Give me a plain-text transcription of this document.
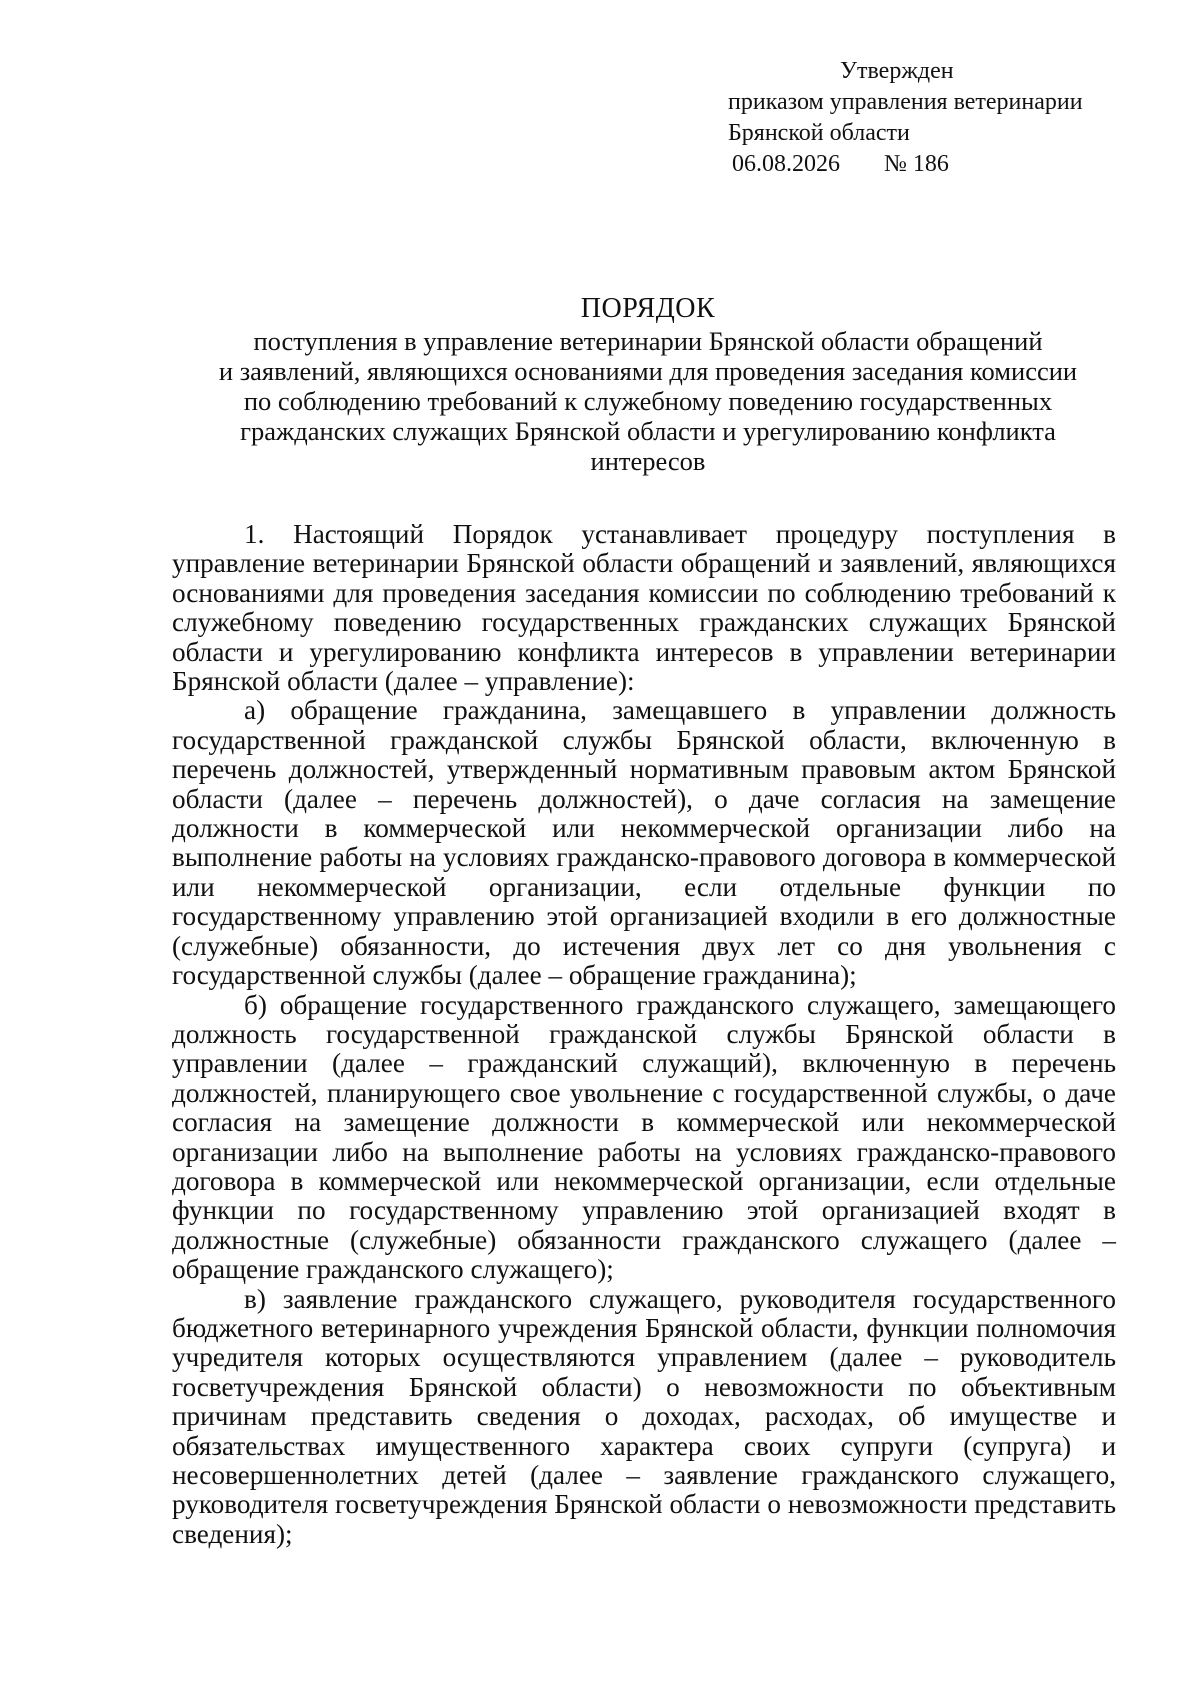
Утвержден
приказом управления ветеринарии
Брянской области
06.08.2026 № 186
ПОРЯДОК
поступления в управление ветеринарии Брянской области обращений
и заявлений, являющихся основаниями для проведения заседания комиссии
по соблюдению требований к служебному поведению государственных
гражданских служащих Брянской области и урегулированию конфликта
интересов

1. Настоящий Порядок устанавливает процедуру поступления в управление ветеринарии Брянской области обращений и заявлений, являющихся основаниями для проведения заседания комиссии по соблюдению требований к служебному поведению государственных гражданских служащих Брянской области и урегулированию конфликта интересов в управлении ветеринарии Брянской области (далее – управление):

а) обращение гражданина, замещавшего в управлении должность государственной гражданской службы Брянской области, включенную в перечень должностей, утвержденный нормативным правовым актом Брянской области (далее – перечень должностей), о даче согласия на замещение должности в коммерческой или некоммерческой организации либо на выполнение работы на условиях гражданско-правового договора в коммерческой или некоммерческой организации, если отдельные функции по государственному управлению этой организацией входили в его должностные (служебные) обязанности, до истечения двух лет со дня увольнения с государственной службы (далее – обращение гражданина);

б) обращение государственного гражданского служащего, замещающего должность государственной гражданской службы Брянской области в управлении (далее – гражданский служащий), включенную в перечень должностей, планирующего свое увольнение с государственной службы, о даче согласия на замещение должности в коммерческой или некоммерческой организации либо на выполнение работы на условиях гражданско-правового договора в коммерческой или некоммерческой организации, если отдельные функции по государственному управлению этой организацией входят в должностные (служебные) обязанности гражданского служащего (далее – обращение гражданского служащего);

в) заявление гражданского служащего, руководителя государственного бюджетного ветеринарного учреждения Брянской области, функции полномочия учредителя которых осуществляются управлением (далее – руководитель госветучреждения Брянской области) о невозможности по объективным причинам представить сведения о доходах, расходах, об имуществе и обязательствах имущественного характера своих супруги (супруга) и несовершеннолетних детей (далее – заявление гражданского служащего, руководителя госветучреждения Брянской области о невозможности представить сведения);
